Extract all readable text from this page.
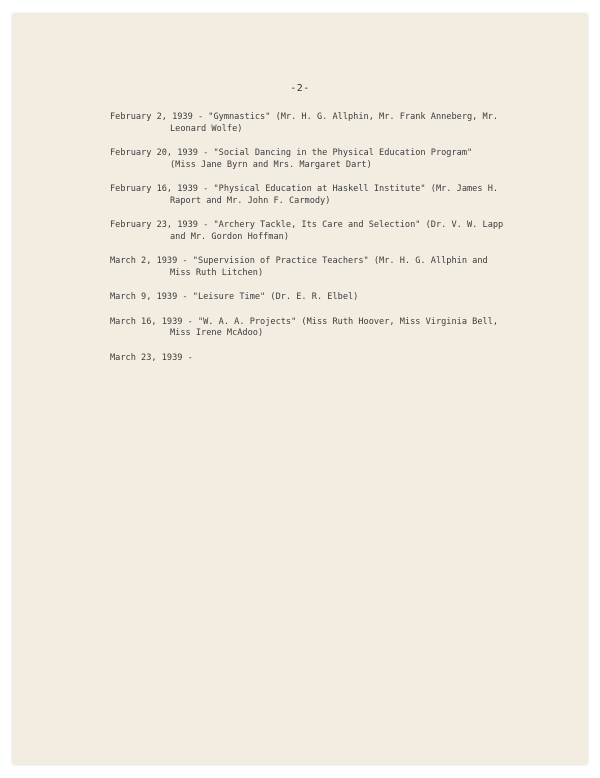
-2-
February 2, 1939 - "Gymnastics" (Mr. H. G. Allphin, Mr. Frank Anneberg, Mr.
Leonard Wolfe)
February 20, 1939 - "Social Dancing in the Physical Education Program"
(Miss Jane Byrn and Mrs. Margaret Dart)
February 16, 1939 - "Physical Education at Haskell Institute" (Mr. James H.
Raport and Mr. John F. Carmody)
February 23, 1939 - "Archery Tackle, Its Care and Selection" (Dr. V. W. Lapp
and Mr. Gordon Hoffman)
March 2, 1939 - "Supervision of Practice Teachers" (Mr. H. G. Allphin and
Miss Ruth Litchen)
March 9, 1939 - "Leisure Time" (Dr. E. R. Elbel)
March 16, 1939 - "W. A. A. Projects" (Miss Ruth Hoover, Miss Virginia Bell,
Miss Irene McAdoo)
March 23, 1939 -
